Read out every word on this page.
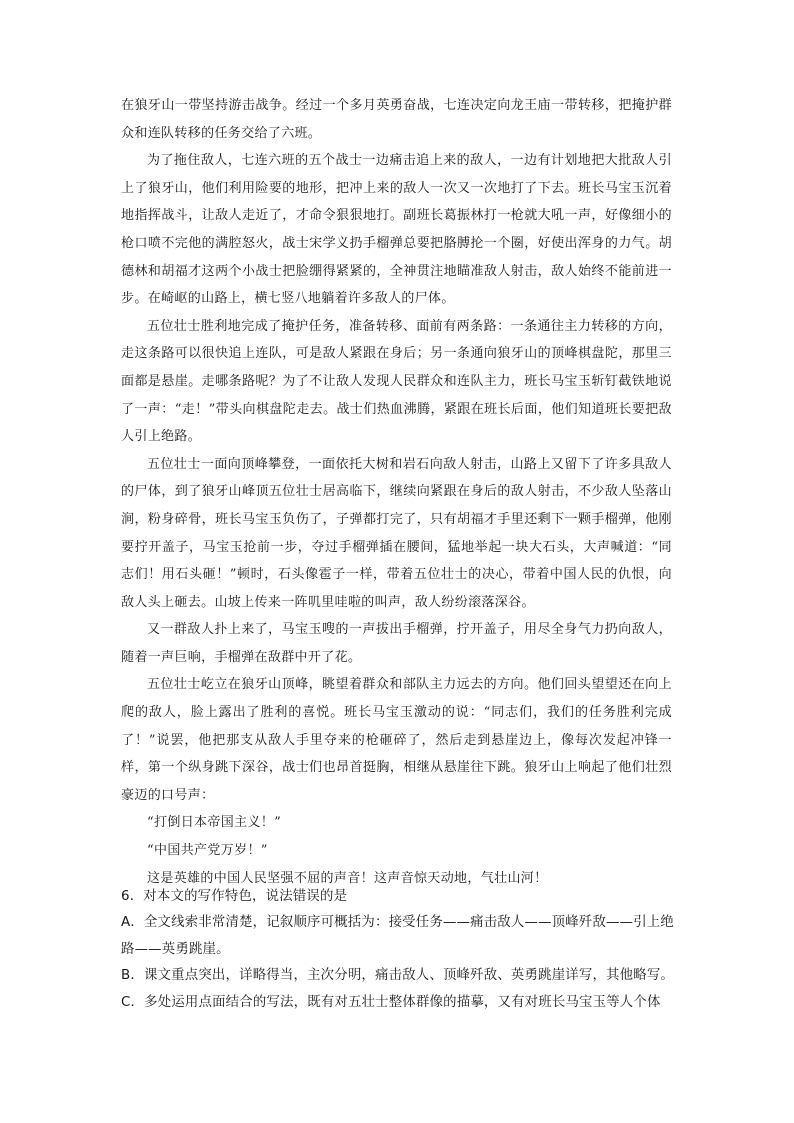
在狼牙山一带坚持游击战争。经过一个多月英勇奋战，七连决定向龙王庙一带转移，把掩护群众和连队转移的任务交给了六班。

为了拖住敌人，七连六班的五个战士一边痛击追上来的敌人，一边有计划地把大批敌人引上了狼牙山，他们利用险要的地形，把冲上来的敌人一次又一次地打了下去。班长马宝玉沉着地指挥战斗，让敌人走近了，才命令狠狠地打。副班长葛振林打一枪就大吼一声，好像细小的枪口喷不完他的满腔怒火，战士宋学义扔手榴弹总要把胳膊抡一个圈，好使出浑身的力气。胡德林和胡福才这两个小战士把脸绷得紧紧的，全神贯注地瞄准敌人射击，敌人始终不能前进一步。在崎岖的山路上，横七竖八地躺着许多敌人的尸体。

五位壮士胜利地完成了掩护任务，准备转移、面前有两条路：一条通往主力转移的方向，走这条路可以很快追上连队，可是敌人紧跟在身后；另一条通向狼牙山的顶峰棋盘陀，那里三面都是悬崖。走哪条路呢？为了不让敌人发现人民群众和连队主力，班长马宝玉斩钉截铁地说了一声：“走！”带头向棋盘陀走去。战士们热血沸腾，紧跟在班长后面，他们知道班长要把敌人引上绝路。

五位壮士一面向顶峰攀登，一面依托大树和岩石向敌人射击，山路上又留下了许多具敌人的尸体，到了狼牙山峰顶五位壮士居高临下，继续向紧跟在身后的敌人射击，不少敌人坠落山涧，粉身碎骨，班长马宝玉负伤了，子弹都打完了，只有胡福才手里还剩下一颗手榴弹，他刚要拧开盖子，马宝玉抢前一步，夺过手榴弹插在腰间，猛地举起一块大石头，大声喊道：“同志们！用石头砸！”顿时，石头像雹子一样，带着五位壮士的决心，带着中国人民的仇恨，向敌人头上砸去。山坡上传来一阵叽里哇啦的叫声，敌人纷纷滚落深谷。

又一群敌人扑上来了，马宝玉嗖的一声拔出手榴弹，拧开盖子，用尽全身气力扔向敌人，随着一声巨响，手榴弹在敌群中开了花。

五位壮士屹立在狼牙山顶峰，眺望着群众和部队主力远去的方向。他们回头望望还在向上爬的敌人，脸上露出了胜利的喜悦。班长马宝玉激动的说：“同志们，我们的任务胜利完成了！”说罢，他把那支从敌人手里夺来的枪砸碎了，然后走到悬崖边上，像每次发起冲锋一样，第一个纵身跳下深谷，战士们也昂首挺胸，相继从悬崖往下跳。狼牙山上响起了他们壮烈豪迈的口号声：

“打倒日本帝国主义！”

“中国共产党万岁！”

这是英雄的中国人民坚强不屈的声音！这声音惊天动地，气壮山河！

6．对本文的写作特色，说法错误的是

A．全文线索非常清楚，记叙顺序可概括为：接受任务——痛击敌人——顶峰歼敌——引上绝路——英勇跳崖。

B．课文重点突出，详略得当，主次分明，痛击敌人、顶峰歼敌、英勇跳崖详写，其他略写。

C．多处运用点面结合的写法，既有对五壮士整体群像的描摹，又有对班长马宝玉等人个体
